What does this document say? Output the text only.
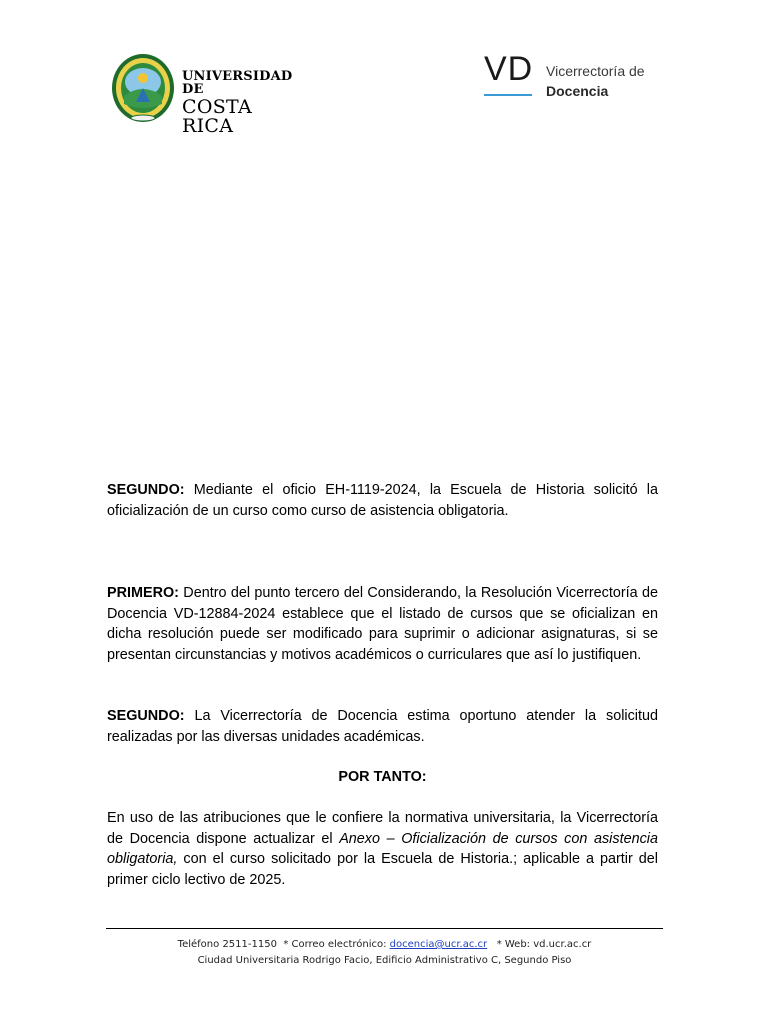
UNIVERSIDAD DE
COSTA RICA
VD Vicerrectoría de
Docencia
SEGUNDO: Mediante el oficio EH-1119-2024, la Escuela de Historia solicitó la oficialización de un curso como curso de asistencia obligatoria.
PRIMERO: Dentro del punto tercero del Considerando, la Resolución Vicerrectoría de Docencia VD-12884-2024 establece que el listado de cursos que se oficializan en dicha resolución puede ser modificado para suprimir o adicionar asignaturas, si se presentan circunstancias y motivos académicos o curriculares que así lo justifiquen.
SEGUNDO: La Vicerrectoría de Docencia estima oportuno atender la solicitud realizadas por las diversas unidades académicas.
POR TANTO:
En uso de las atribuciones que le confiere la normativa universitaria, la Vicerrectoría de Docencia dispone actualizar el Anexo – Oficialización de cursos con asistencia obligatoria, con el curso solicitado por la Escuela de Historia.; aplicable a partir del primer ciclo lectivo de 2025.
Teléfono 2511-1150 * Correo electrónico: docencia@ucr.ac.cr * Web: vd.ucr.ac.cr
Ciudad Universitaria Rodrigo Facio, Edificio Administrativo C, Segundo Piso
